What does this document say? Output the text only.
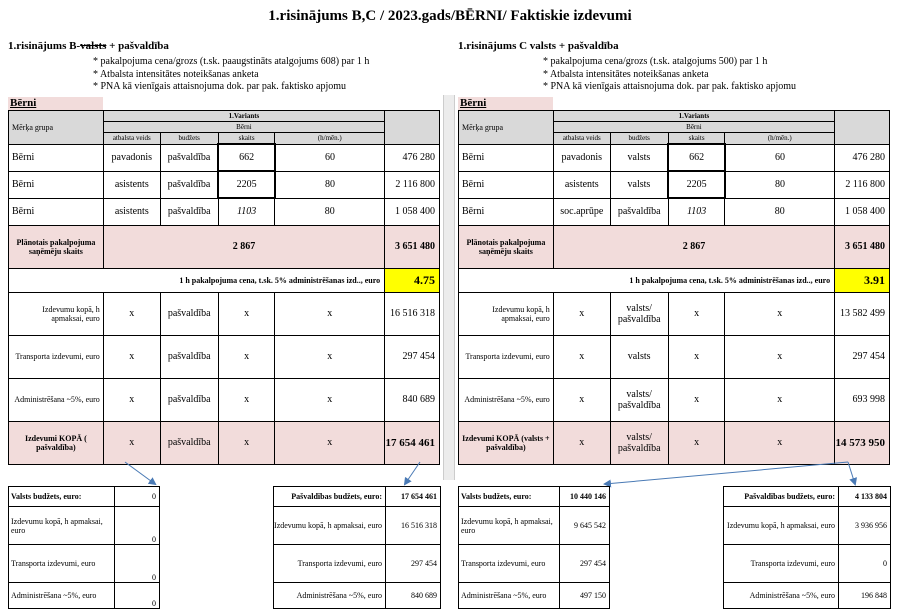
1.risinājums B,C / 2023.gads/BĒRNI/ Faktiskie izdevumi
1.risinājums B-valsts + pašvaldība
* pakalpojuma cena/grozs (t.sk. paaugstināts atalgojums 608) par 1 h
* Atbalsta intensitātes noteikšanas anketa
* PNA kā vienīgais attaisnojuma dok. par pak. faktisko apjomu
Bērni
Mērķa grupa	1.Variants				
	Bērni				
	atbalsta veids	budžets	skaits	(h/mēn.)	
Bērni	pavadonis	pašvaldība	662	60	476 280
Bērni	asistents	pašvaldība	2205	80	2 116 800
Bērni	asistents	pašvaldība	1103	80	1 058 400
Plānotais pakalpojuma saņēmēju skaits	2 867				3 651 480
1 h pakalpojuma cena, t.sk. 5% administrēšanas izd.., euro					4.75
Izdevumu kopā, h apmaksai, euro	x	pašvaldība	x	x	16 516 318
Transporta izdevumi, euro	x	pašvaldība	x	x	297 454
Administrēšana ~5%, euro	x	pašvaldība	x	x	840 689
Izdevumi KOPĀ ( pašvaldība)	x	pašvaldība	x	x	17 654 461
1.risinājums C valsts + pašvaldība
* pakalpojuma cena/grozs (t.sk. atalgojums 500) par 1 h
* Atbalsta intensitātes noteikšanas anketa
* PNA kā vienīgais attaisnojuma dok. par pak. faktisko apjomu
Bērni
Mērķa grupa	1.Variants				
	Bērni				
	atbalsta veids	budžets	skaits	(h/mēn.)	
Bērni	pavadonis	valsts	662	60	476 280
Bērni	asistents	valsts	2205	80	2 116 800
Bērni	soc.aprūpe	pašvaldība	1103	80	1 058 400
Plānotais pakalpojuma saņēmēju skaits	2 867				3 651 480
1 h pakalpojuma cena, t.sk. 5% administrēšanas izd.., euro					3.91
Izdevumu kopā, h apmaksai, euro	x	valsts/ pašvaldība	x	x	13 582 499
Transporta izdevumi, euro	x	valsts	x	x	297 454
Administrēšana ~5%, euro	x	valsts/ pašvaldība	x	x	693 998
Izdevumi KOPĀ (valsts + pašvaldība)	x	valsts/ pašvaldība	x	x	14 573 950
Valsts budžets, euro:	0
Izdevumu kopā, h apmaksai, euro	0
Transporta izdevumi, euro	0
Administrēšana ~5%, euro	0
Pašvaldības budžets, euro:	17 654 461
Izdevumu kopā, h apmaksai, euro	16 516 318
Transporta izdevumi, euro	297 454
Administrēšana ~5%, euro	840 689
Valsts budžets, euro:	10 440 146
Izdevumu kopā, h apmaksai, euro	9 645 542
Transporta izdevumi, euro	297 454
Administrēšana ~5%, euro	497 150
Pašvaldības budžets, euro:	4 133 804
Izdevumu kopā, h apmaksai, euro	3 936 956
Transporta izdevumi, euro	0
Administrēšana ~5%, euro	196 848
